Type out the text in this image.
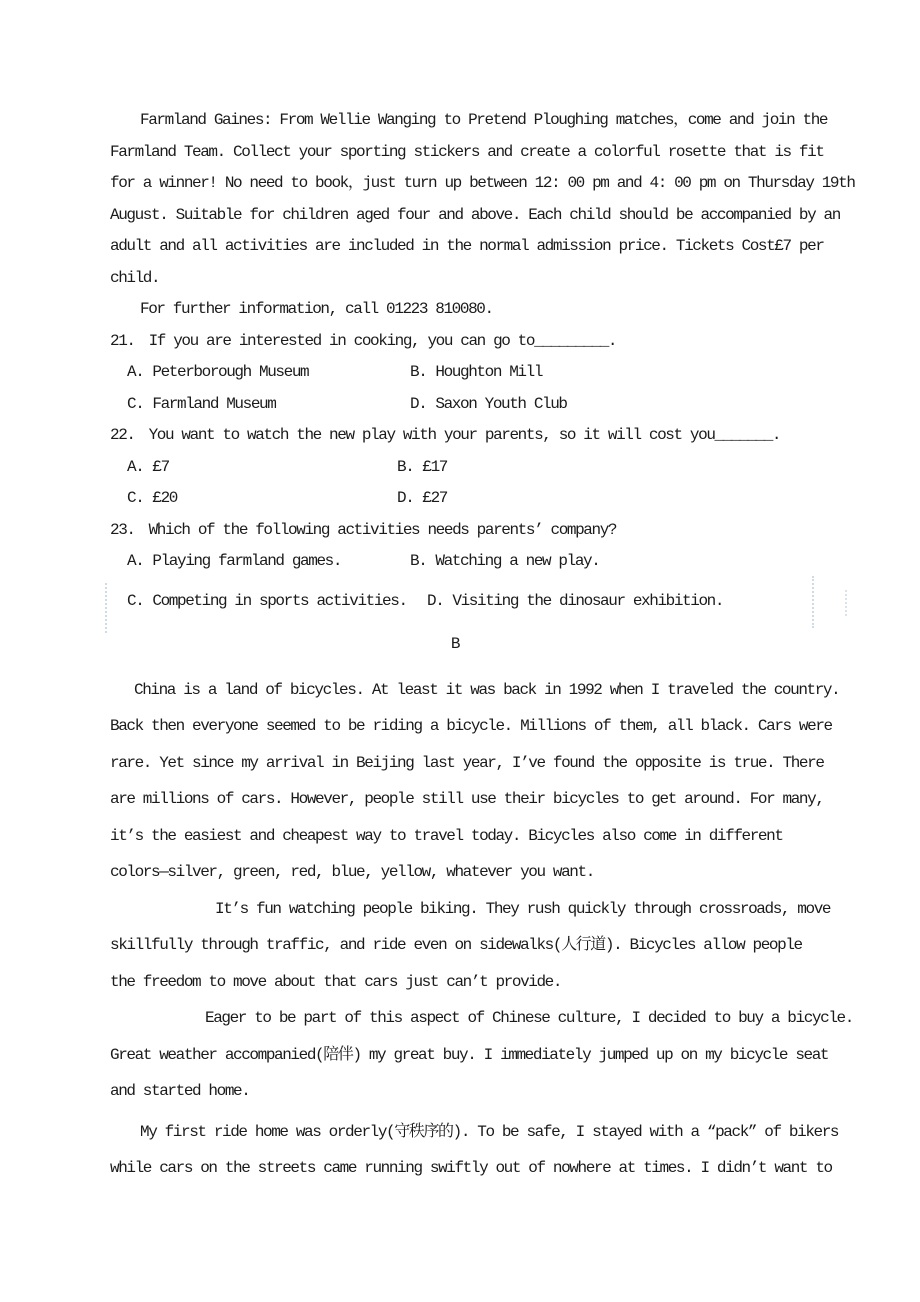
Farmland Gaines: From Wellie Wanging to Pretend Ploughing matches，come and join the
Farmland Team. Collect your sporting stickers and create a colorful rosette that is fit
for a winner! No need to book，just turn up between 12: 00 pm and 4: 00 pm on Thursday 19th
August. Suitable for children aged four and above. Each child should be accompanied by an
adult and all activities are included in the normal admission price. Tickets Cost£7 per
child.
For further information, call 01223 810080.
21. If you are interested in cooking, you can go to_________.
A. Peterborough Museum	B. Houghton Mill
C. Farmland Museum	D. Saxon Youth Club
22. You want to watch the new play with your parents, so it will cost you_______.
A. £7	B. £17
C. £20	D. £27
23. Which of the following activities needs parents’ company?
A. Playing farmland games.	B. Watching a new play.
C. Competing in sports activities. D. Visiting the dinosaur exhibition.
B
China is a land of bicycles. At least it was back in 1992 when I traveled the country.
Back then everyone seemed to be riding a bicycle. Millions of them, all black. Cars were
rare. Yet since my arrival in Beijing last year, I’ve found the opposite is true. There
are millions of cars. However, people still use their bicycles to get around. For many,
it’s the easiest and cheapest way to travel today. Bicycles also come in different
colors—silver, green, red, blue, yellow, whatever you want.
It’s fun watching people biking. They rush quickly through crossroads, move
skillfully through traffic, and ride even on sidewalks(人行道). Bicycles allow people
the freedom to move about that cars just can’t provide.
Eager to be part of this aspect of Chinese culture, I decided to buy a bicycle.
Great weather accompanied(陪伴) my great buy. I immediately jumped up on my bicycle seat
and started home.
My first ride home was orderly(守秩序的). To be safe, I stayed with a “pack” of bikers
while cars on the streets came running swiftly out of nowhere at times. I didn’t want to
